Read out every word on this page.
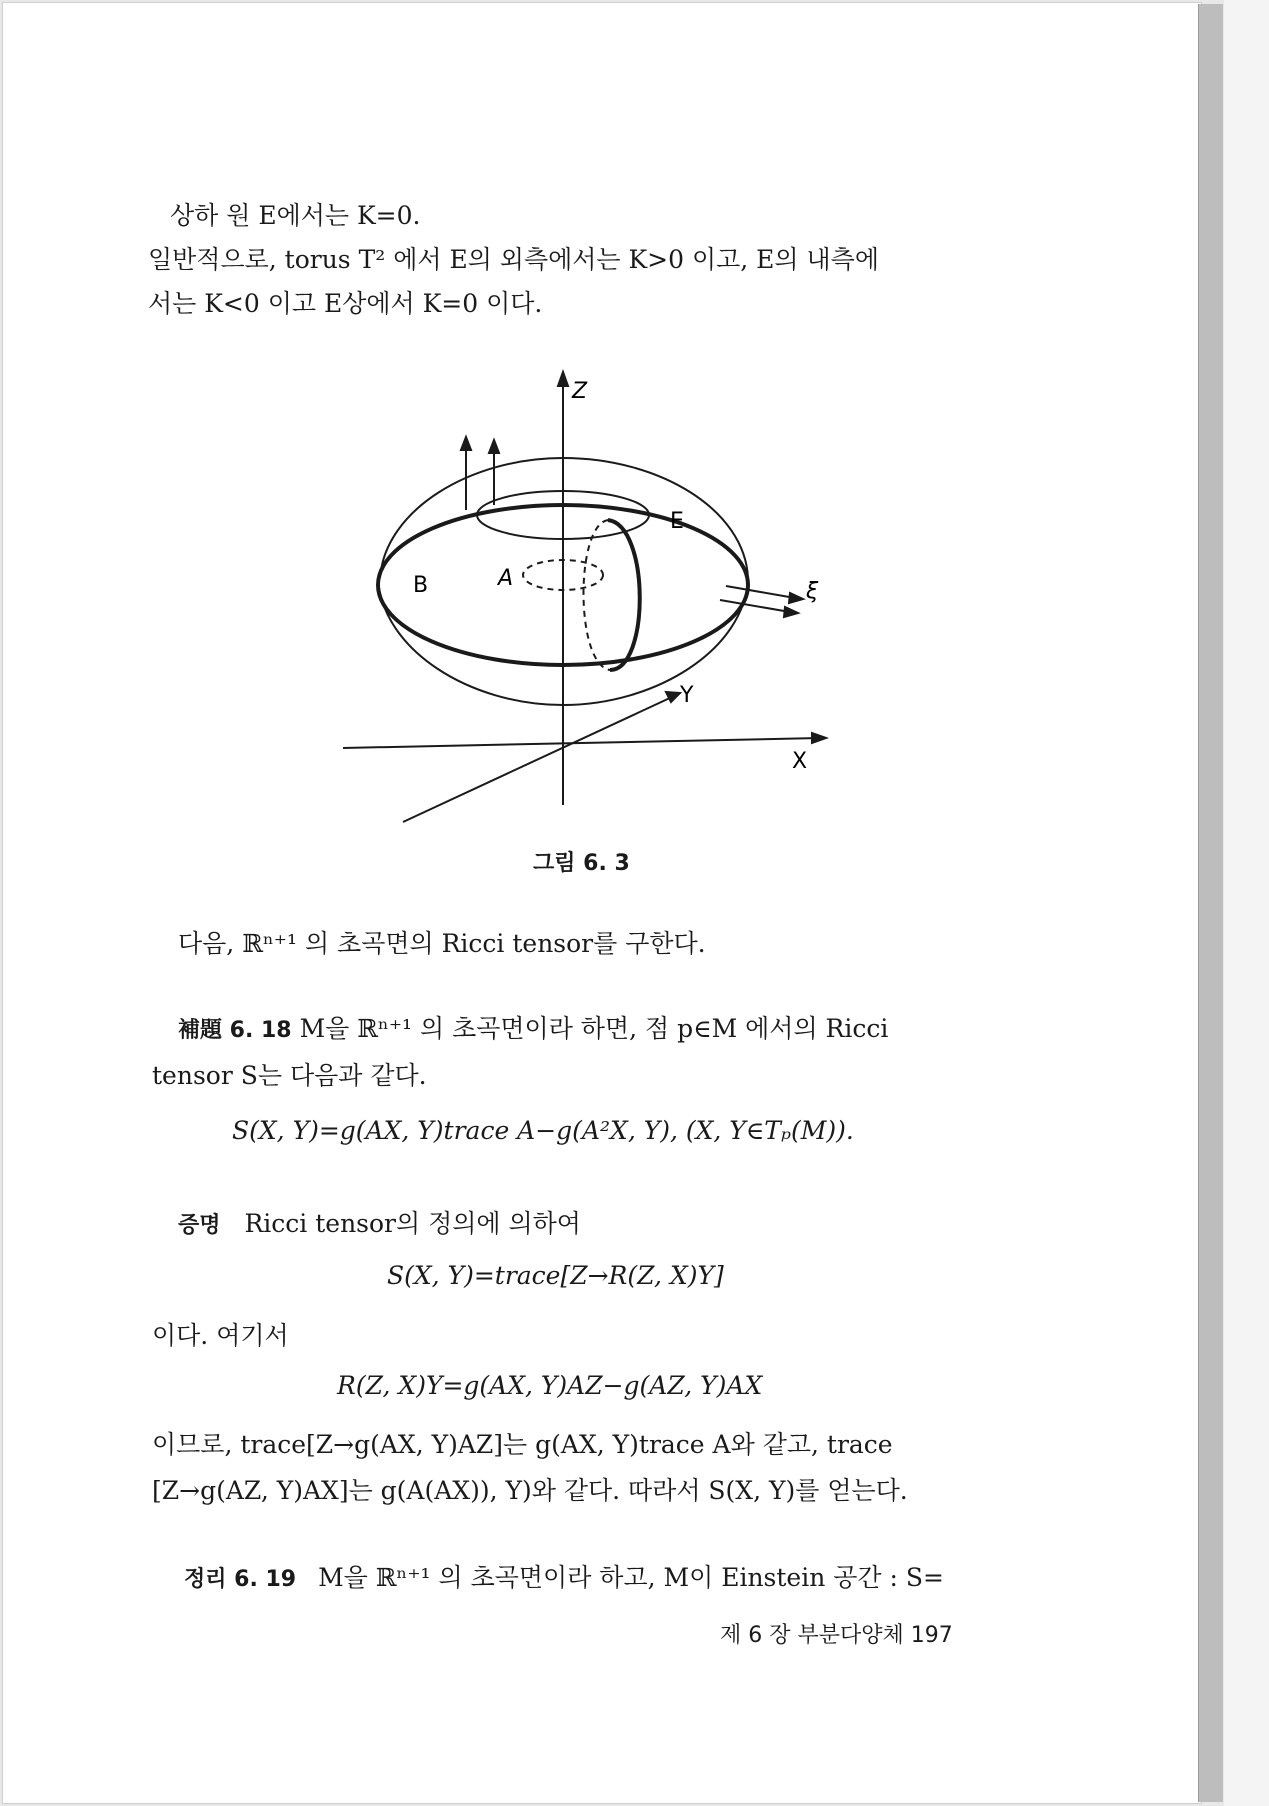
상하 원 E에서는 K=0.
일반적으로, torus T² 에서 E의 외측에서는 K>0 이고, E의 내측에
서는 K<0 이고 E상에서 K=0 이다.
Z
Y
X
E
A
B	ξ
그림 6. 3
다음, ℝⁿ⁺¹ 의 초곡면의 Ricci tensor를 구한다.
補題 6. 18 M을 ℝⁿ⁺¹ 의 초곡면이라 하면, 점 p∈M 에서의 Ricci
tensor S는 다음과 같다.
S(X, Y)=g(AX, Y)trace A−g(A²X, Y), (X, Y∈Tₚ(M)).
증명 Ricci tensor의 정의에 의하여
S(X, Y)=trace[Z→R(Z, X)Y]
이다. 여기서
R(Z, X)Y=g(AX, Y)AZ−g(AZ, Y)AX
이므로, trace[Z→g(AX, Y)AZ]는 g(AX, Y)trace A와 같고, trace
[Z→g(AZ, Y)AX]는 g(A(AX)), Y)와 같다. 따라서 S(X, Y)를 얻는다.
정리 6. 19 M을 ℝⁿ⁺¹ 의 초곡면이라 하고, M이 Einstein 공간 : S=
제 6 장 부분다양체 197
